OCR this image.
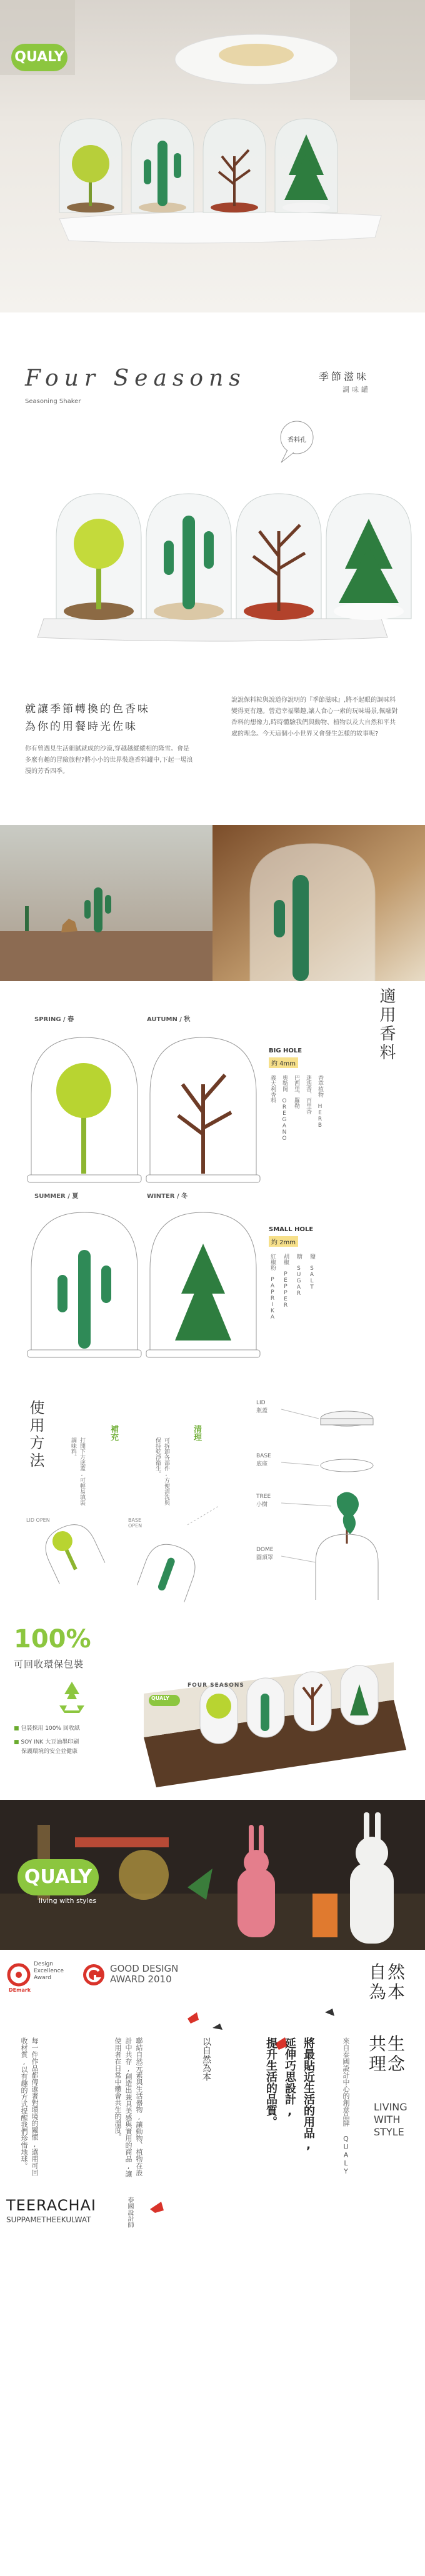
QUALY
Four Seasons
Seasoning Shaker
季節滋味
調味罐
香料孔
就讓季節轉換的色香味
為你的用餐時光佐味
你有曾遇見生活細膩就成的沙漠,穿越越縱縱相的隆雪。會是多麼有趣的冒險旅程?將小小的世界裝進香料罐中,下起一場浪漫的芳香四季。
說說保料粒與說道你說明的『季節滋味』,將不起眼的調味料變得更有趣。營造幸福樂趣,讓人食心一索的玩味場景,佩融對香料的想像力,時時體驗我們與動物、植物以及大自然和平共處的理念。今天這個小小世界又會發生怎樣的故事呢?
適用香料
SPRING / 春	AUTUMN / 秋
SUMMER / 夏	WINTER / 冬
BIG HOLE
約 4mm
香草植物 HERB
迷迭香、百里香
巴西里、羅勒
奧勒岡 OREGANO
義大利香料
SMALL HOLE
約 2mm
鹽 SALT
糖 SUGAR
胡椒 PEPPER
紅椒粉 PAPRIKA
使用方法	補充
打開下方底蓋,可輕易填裝調味料。
清理
可拆卸各部件,方便清洗與保持乾淨衛生。
LID OPEN	BASE OPEN
LID
瓶蓋
BASE
底座
TREE
小樹
DOME
圓頂罩
100%
可回收環保包裝
■ 包裝採用 100% 回收紙
■ SOY INK 大豆油墨印刷
保護環境的安全並健康
QUALY
FOUR SEASONS
QUALY
living with styles
Design
Excellence
Award
DEmark
GOOD DESIGN
AWARD 2010	自然為本
共生理念
LIVING
WITH
STYLE
來自泰國設計中心的創意品牌 QUALY
將最貼近生活的用品,
延伸巧思設計,
提升生活的品質。
以自然為本
聯結自然元素與生活器物,讓動物、植物在設計中共存,創造出兼具美感與實用的商品,讓使用者在日常中體會共生的溫度。
每一件作品都傳遞著對環境的關懷,選用可回收材質,以有趣的方式提醒我們珍惜地球。
TEERACHAI
SUPPAMETHEEKULWAT	泰國設計師
